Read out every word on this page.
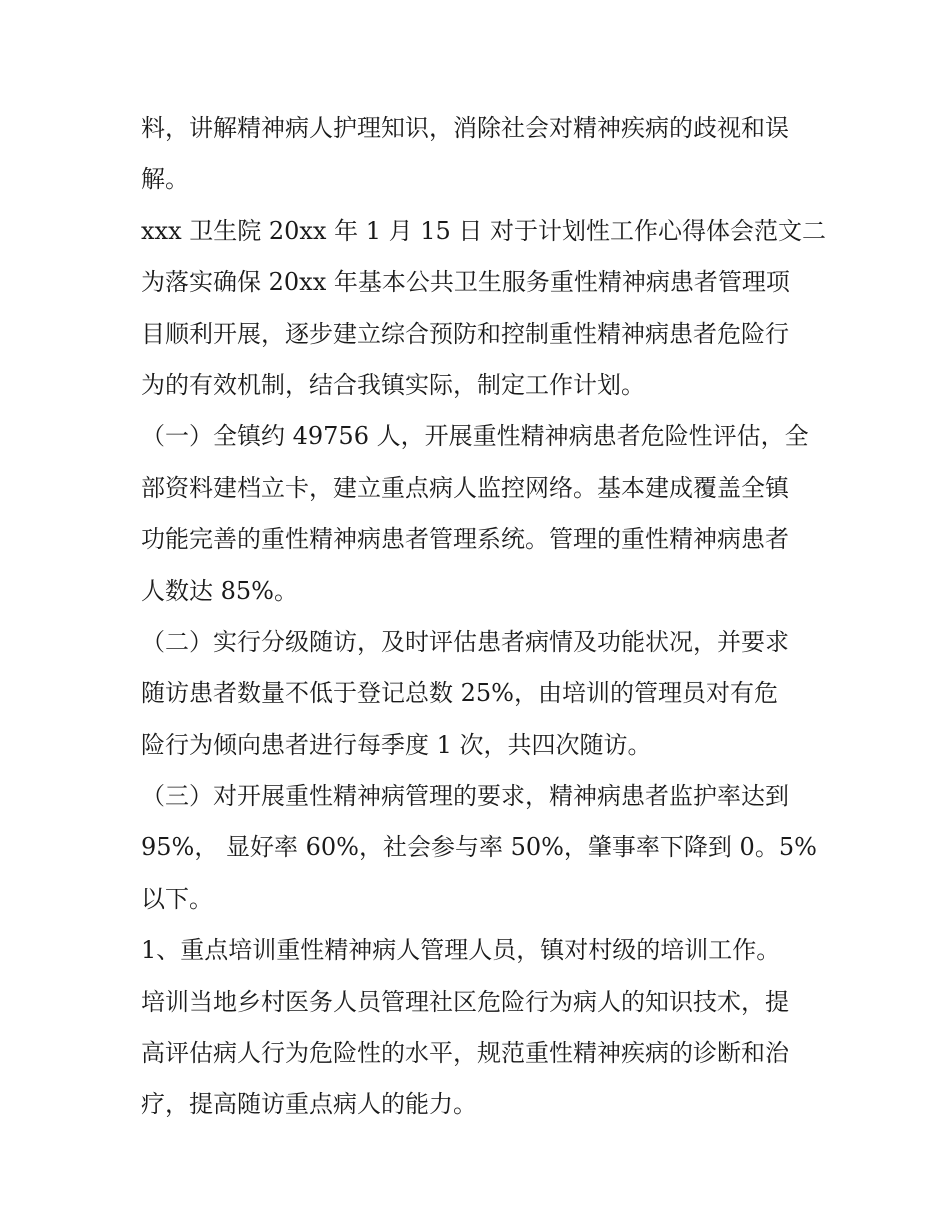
料，讲解精神病人护理知识，消除社会对精神疾病的歧视和误
解。
xxx 卫生院 20xx 年 1 月 15 日 对于计划性工作心得体会范文二
为落实确保 20xx 年基本公共卫生服务重性精神病患者管理项
目顺利开展，逐步建立综合预防和控制重性精神病患者危险行
为的有效机制，结合我镇实际，制定工作计划。
（一）全镇约 49756 人，开展重性精神病患者危险性评估，全
部资料建档立卡，建立重点病人监控网络。基本建成覆盖全镇
功能完善的重性精神病患者管理系统。管理的重性精神病患者
人数达 85%。
（二）实行分级随访，及时评估患者病情及功能状况，并要求
随访患者数量不低于登记总数 25%，由培训的管理员对有危
险行为倾向患者进行每季度 1 次，共四次随访。
（三）对开展重性精神病管理的要求，精神病患者监护率达到
95%， 显好率 60%，社会参与率 50%，肇事率下降到 0。5%
以下。
1、重点培训重性精神病人管理人员，镇对村级的培训工作。
培训当地乡村医务人员管理社区危险行为病人的知识技术，提
高评估病人行为危险性的水平，规范重性精神疾病的诊断和治
疗，提高随访重点病人的能力。
